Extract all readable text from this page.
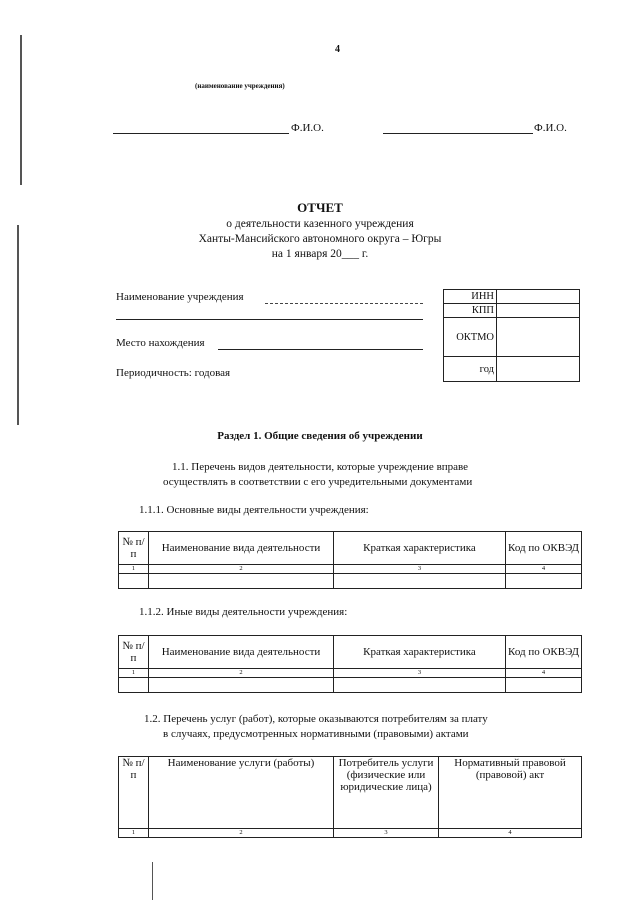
4
(наименование учреждения)
Ф.И.О.	Ф.И.О.
ОТЧЕТ
о деятельности казенного учреждения
Ханты-Мансийского автономного округа – Югры
на 1 января 20___ г.
Наименование учреждения
Место нахождения
Периодичность: годовая
ИНН	
КПП	
ОКТМО	
год	
Раздел 1. Общие сведения об учреждении
1.1. Перечень видов деятельности, которые учреждение вправе
осуществлять в соответствии с его учредительными документами
1.1.1. Основные виды деятельности учреждения:
№ п/п	Наименование вида деятельности	Краткая характеристика	Код по ОКВЭД
1	2	3	4

1.1.2. Иные виды деятельности учреждения:
№ п/п	Наименование вида деятельности	Краткая характеристика	Код по ОКВЭД
1	2	3	4

1.2. Перечень услуг (работ), которые оказываются потребителям за плату
в случаях, предусмотренных нормативными (правовыми) актами
№ п/п	Наименование услуги (работы)	Потребитель услуги (физические или юридические лица)	Нормативный правовой (правовой) акт
1	2	3	4
